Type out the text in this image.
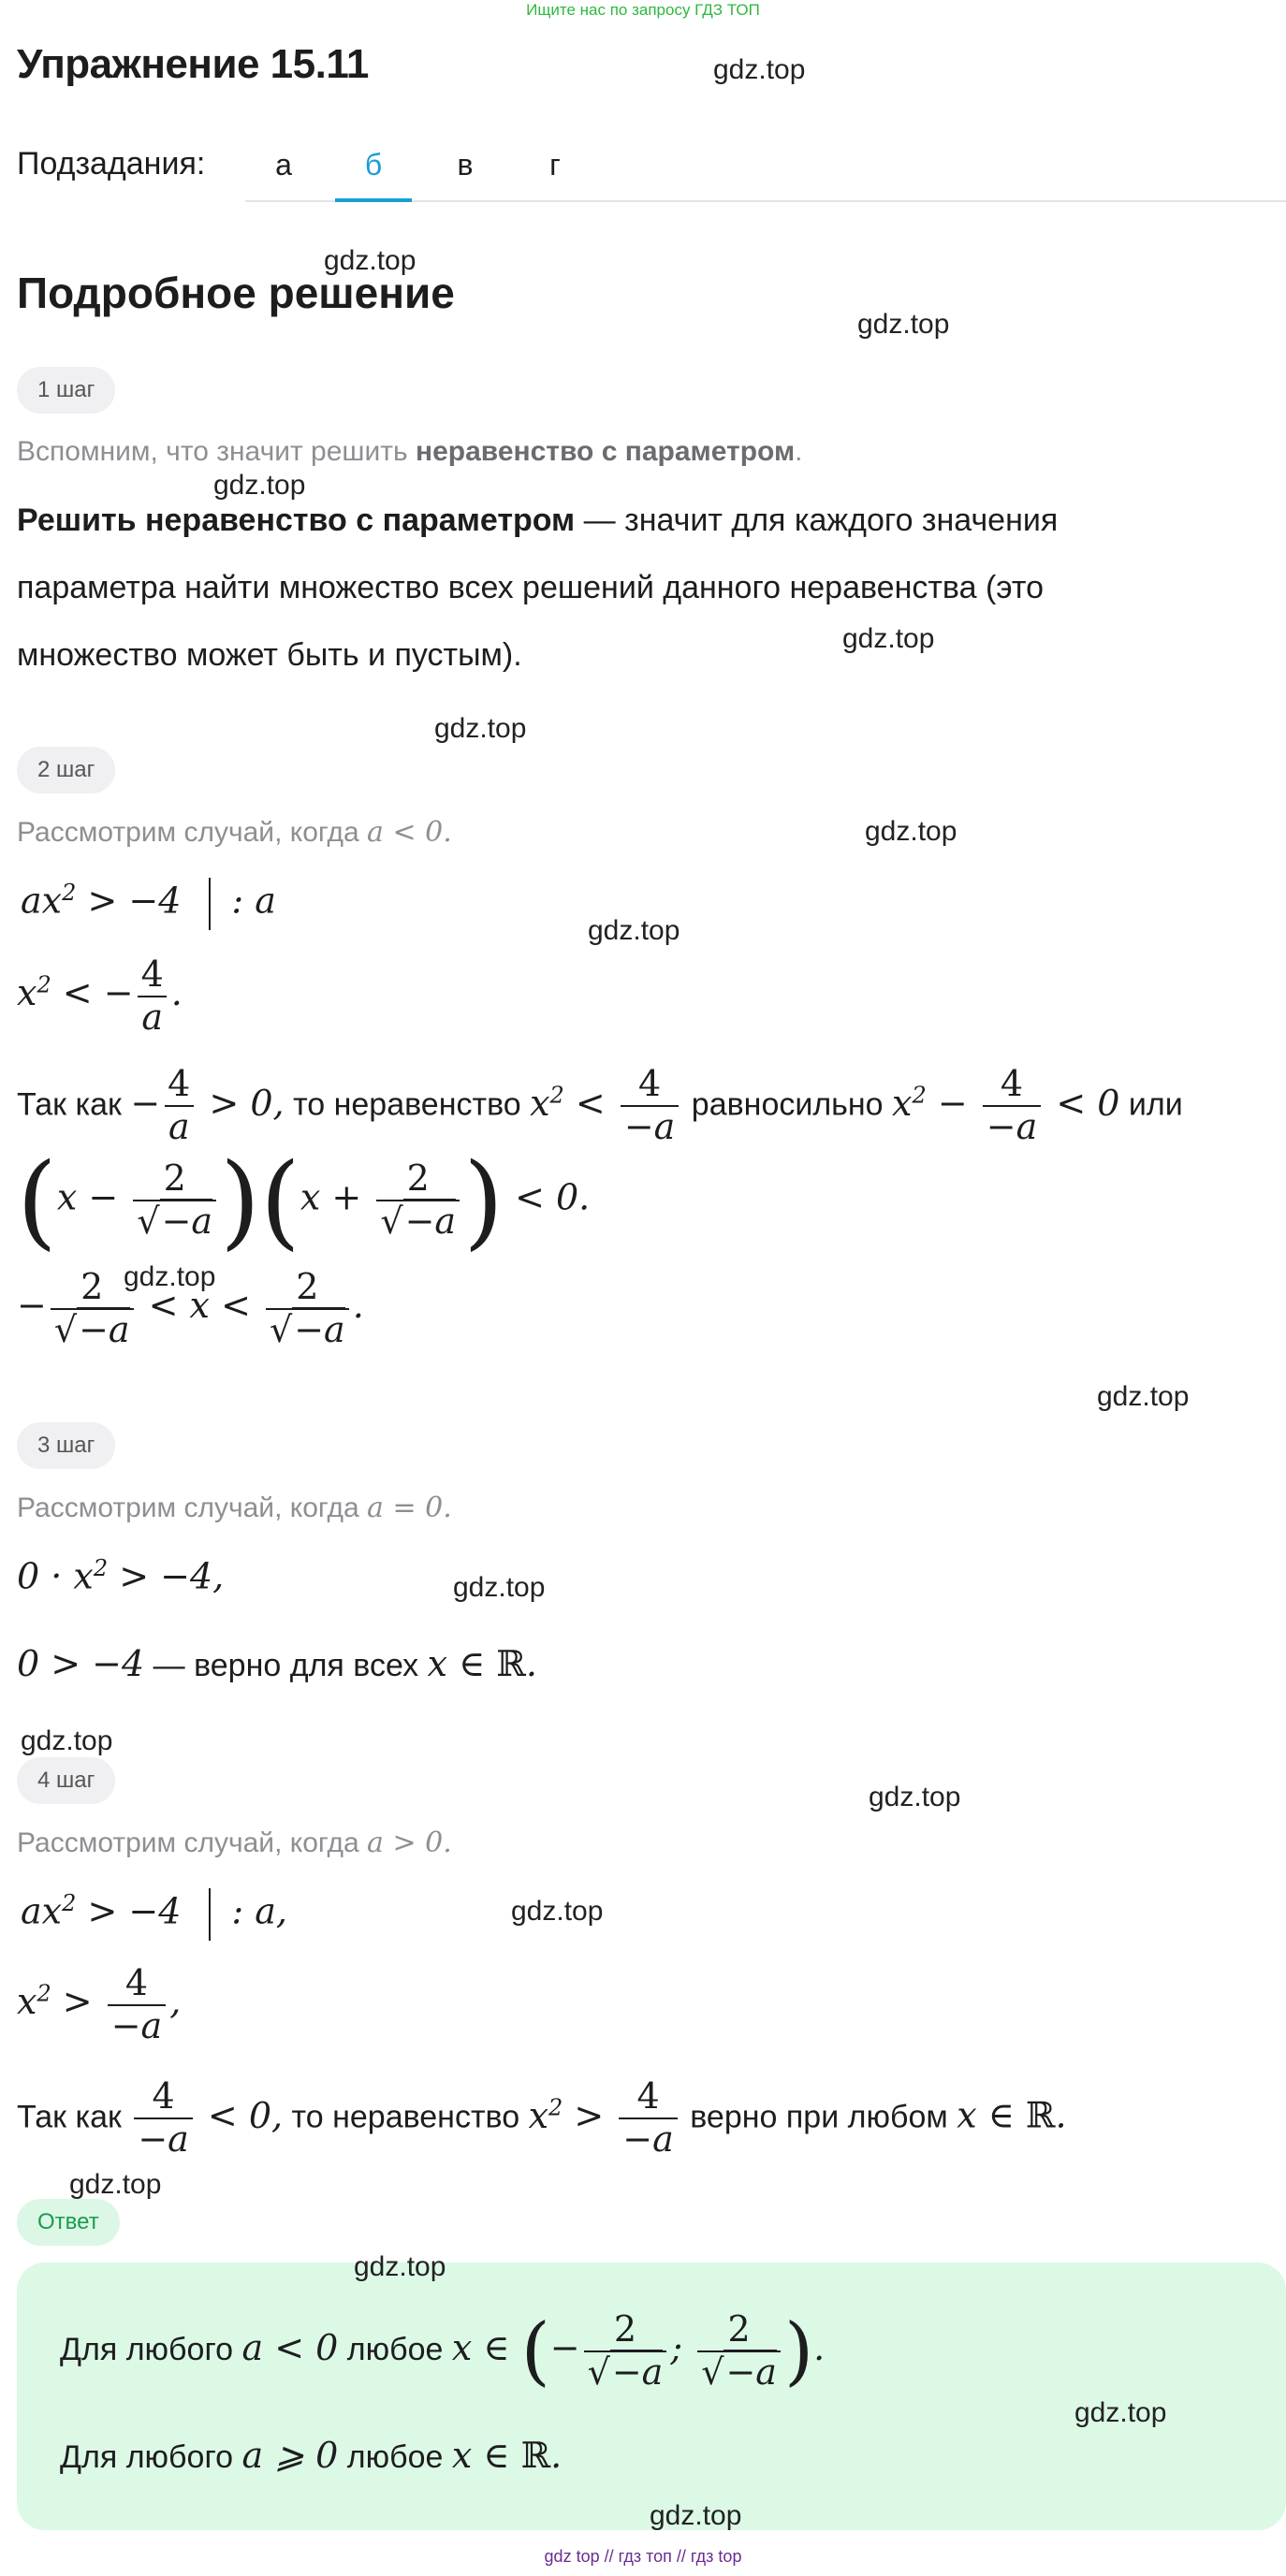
Ищите нас по запросу ГДЗ ТОП
Упражнение 15.11
Подзадания:	а	б	в	г
Подробное решение
1 шаг
Вспомним, что значит решить неравенство с параметром.
Решить неравенство с параметром — значит для каждого значения
параметра найти множество всех решений данного неравенства (это
множество может быть и пустым).
2 шаг
Рассмотрим случай, когда a < 0.
$ax^2 > -4$ : a
$x^2$ < − $\frac{4}{a}$ .
Так как − $\frac{4}{a} > 0$, то неравенство $x^2 < \frac{4}{-a}$ равносильно $x^2 - \frac{4}{-a} < 0$ или
$(x - \frac{2}{√-a} )(x + \frac{2}{√-a}$ ) < 0.
− $\frac{2}{√-a} < x < \frac{2}{√-a}$ .
3 шаг
Рассмотрим случай, когда a = 0.
$0 \cdot x^2 > -4$,
0 > −4 — верно для всех x ∈ ℝ.
4 шаг
Рассмотрим случай, когда a > 0.
$ax^2 > -4$ : a,
$x^2 > \frac{4}{-a}$ ,
Так как $\frac{4}{-a} < 0$, то неравенство $x^2 > \frac{4}{-a}$ верно при любом x ∈ ℝ.
Ответ
Для любого a < 0 любое x ∈ (− $\frac{2}{√-a}$ ; $\frac{2}{√-a}$ ).
Для любого a ⩾ 0 любое x ∈ ℝ.
gdz.top
gdz.top
gdz.top
gdz.top
gdz.top
gdz.top
gdz.top
gdz.top
gdz.top
gdz.top
gdz.top
gdz.top
gdz.top
gdz.top
gdz.top
gdz.top
gdz.top
gdz.top
gdz top // гдз топ // гдз top
